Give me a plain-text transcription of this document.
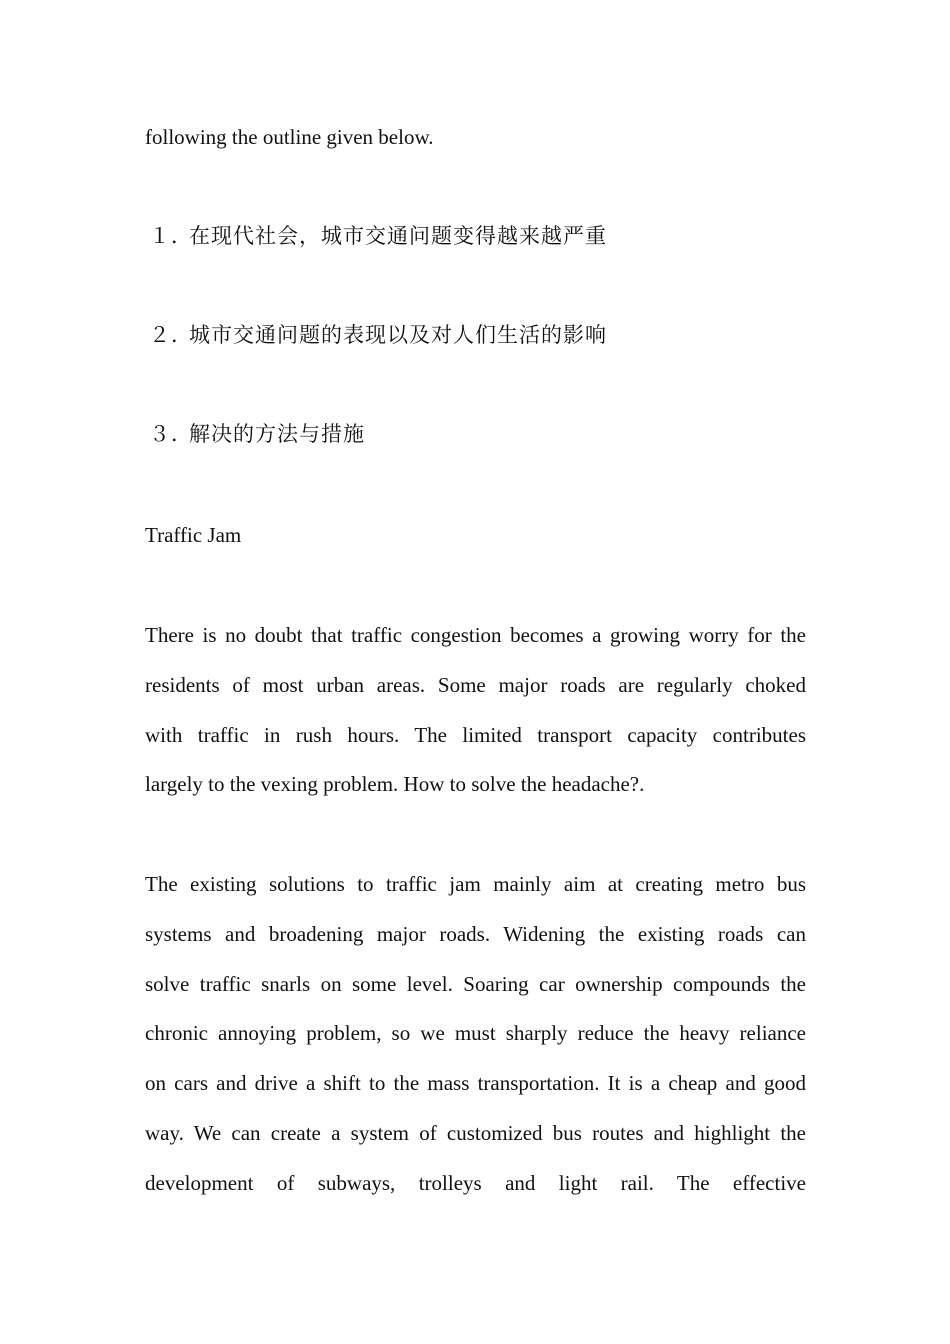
following the outline given below.
１．在现代社会，城市交通问题变得越来越严重
２．城市交通问题的表现以及对人们生活的影响
３．解决的方法与措施
Traffic Jam
There is no doubt that traffic congestion becomes a growing worry for the
residents of most urban areas. Some major roads are regularly choked
with traffic in rush hours. The limited transport capacity contributes
largely to the vexing problem. How to solve the headache?.
The existing solutions to traffic jam mainly aim at creating metro bus
systems and broadening major roads. Widening the existing roads can
solve traffic snarls on some level. Soaring car ownership compounds the
chronic annoying problem, so we must sharply reduce the heavy reliance
on cars and drive a shift to the mass transportation. It is a cheap and good
way. We can create a system of customized bus routes and highlight the
development of subways, trolleys and light rail. The effective
